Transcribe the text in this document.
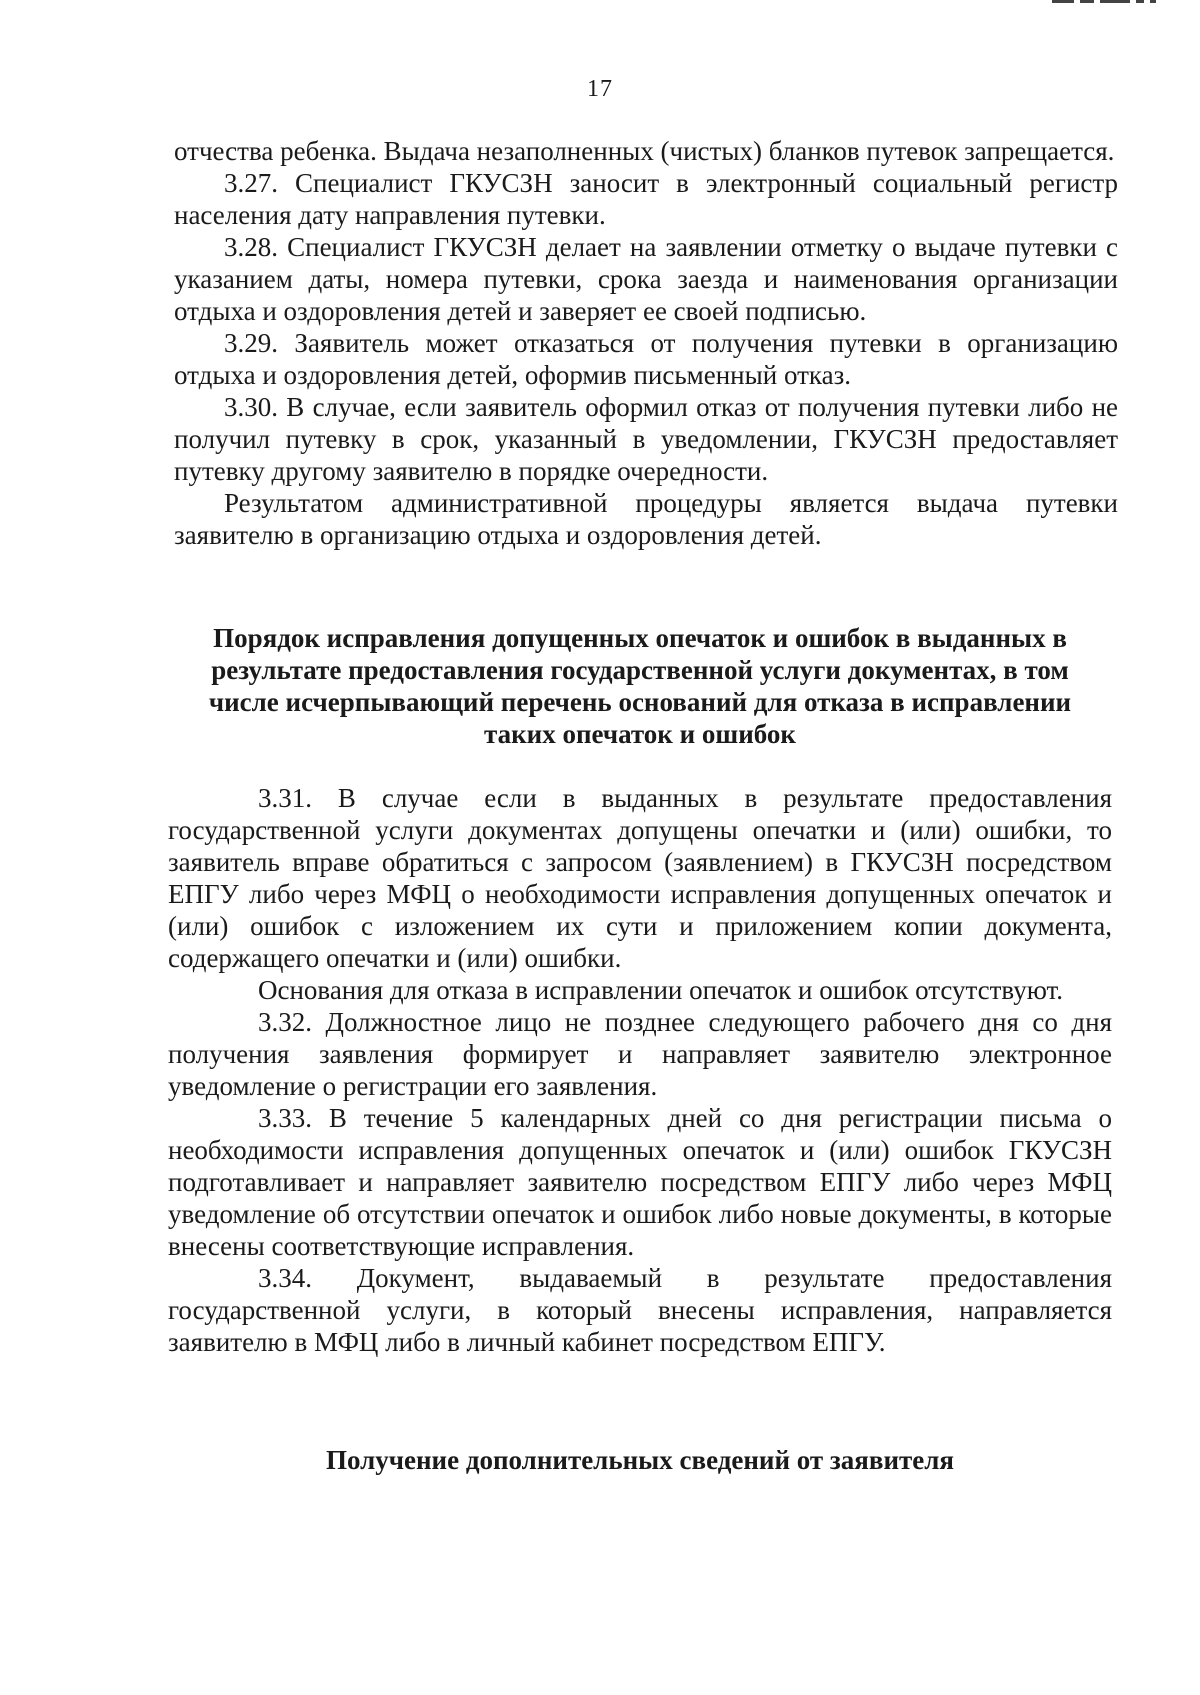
17

отчества ребенка. Выдача незаполненных (чистых) бланков путевок запрещается.

3.27. Специалист ГКУСЗН заносит в электронный социальный регистр населения дату направления путевки.

3.28. Специалист ГКУСЗН делает на заявлении отметку о выдаче путевки с указанием даты, номера путевки, срока заезда и наименования организации отдыха и оздоровления детей и заверяет ее своей подписью.

3.29. Заявитель может отказаться от получения путевки в организацию отдыха и оздоровления детей, оформив письменный отказ.

3.30. В случае, если заявитель оформил отказ от получения путевки либо не получил путевку в срок, указанный в уведомлении, ГКУСЗН предоставляет путевку другому заявителю в порядке очередности.

Результатом административной процедуры является выдача путевки заявителю в организацию отдыха и оздоровления детей.

Порядок исправления допущенных опечаток и ошибок в выданных в результате предоставления государственной услуги документах, в том числе исчерпывающий перечень оснований для отказа в исправлении таких опечаток и ошибок

3.31. В случае если в выданных в результате предоставления государственной услуги документах допущены опечатки и (или) ошибки, то заявитель вправе обратиться с запросом (заявлением) в ГКУСЗН посредством ЕПГУ либо через МФЦ о необходимости исправления допущенных опечаток и (или) ошибок с изложением их сути и приложением копии документа, содержащего опечатки и (или) ошибки.

Основания для отказа в исправлении опечаток и ошибок отсутствуют.

3.32. Должностное лицо не позднее следующего рабочего дня со дня получения заявления формирует и направляет заявителю электронное уведомление о регистрации его заявления.

3.33. В течение 5 календарных дней со дня регистрации письма о необходимости исправления допущенных опечаток и (или) ошибок ГКУСЗН подготавливает и направляет заявителю посредством ЕПГУ либо через МФЦ уведомление об отсутствии опечаток и ошибок либо новые документы, в которые внесены соответствующие исправления.

3.34. Документ, выдаваемый в результате предоставления государственной услуги, в который внесены исправления, направляется заявителю в МФЦ либо в личный кабинет посредством ЕПГУ.

Получение дополнительных сведений от заявителя
